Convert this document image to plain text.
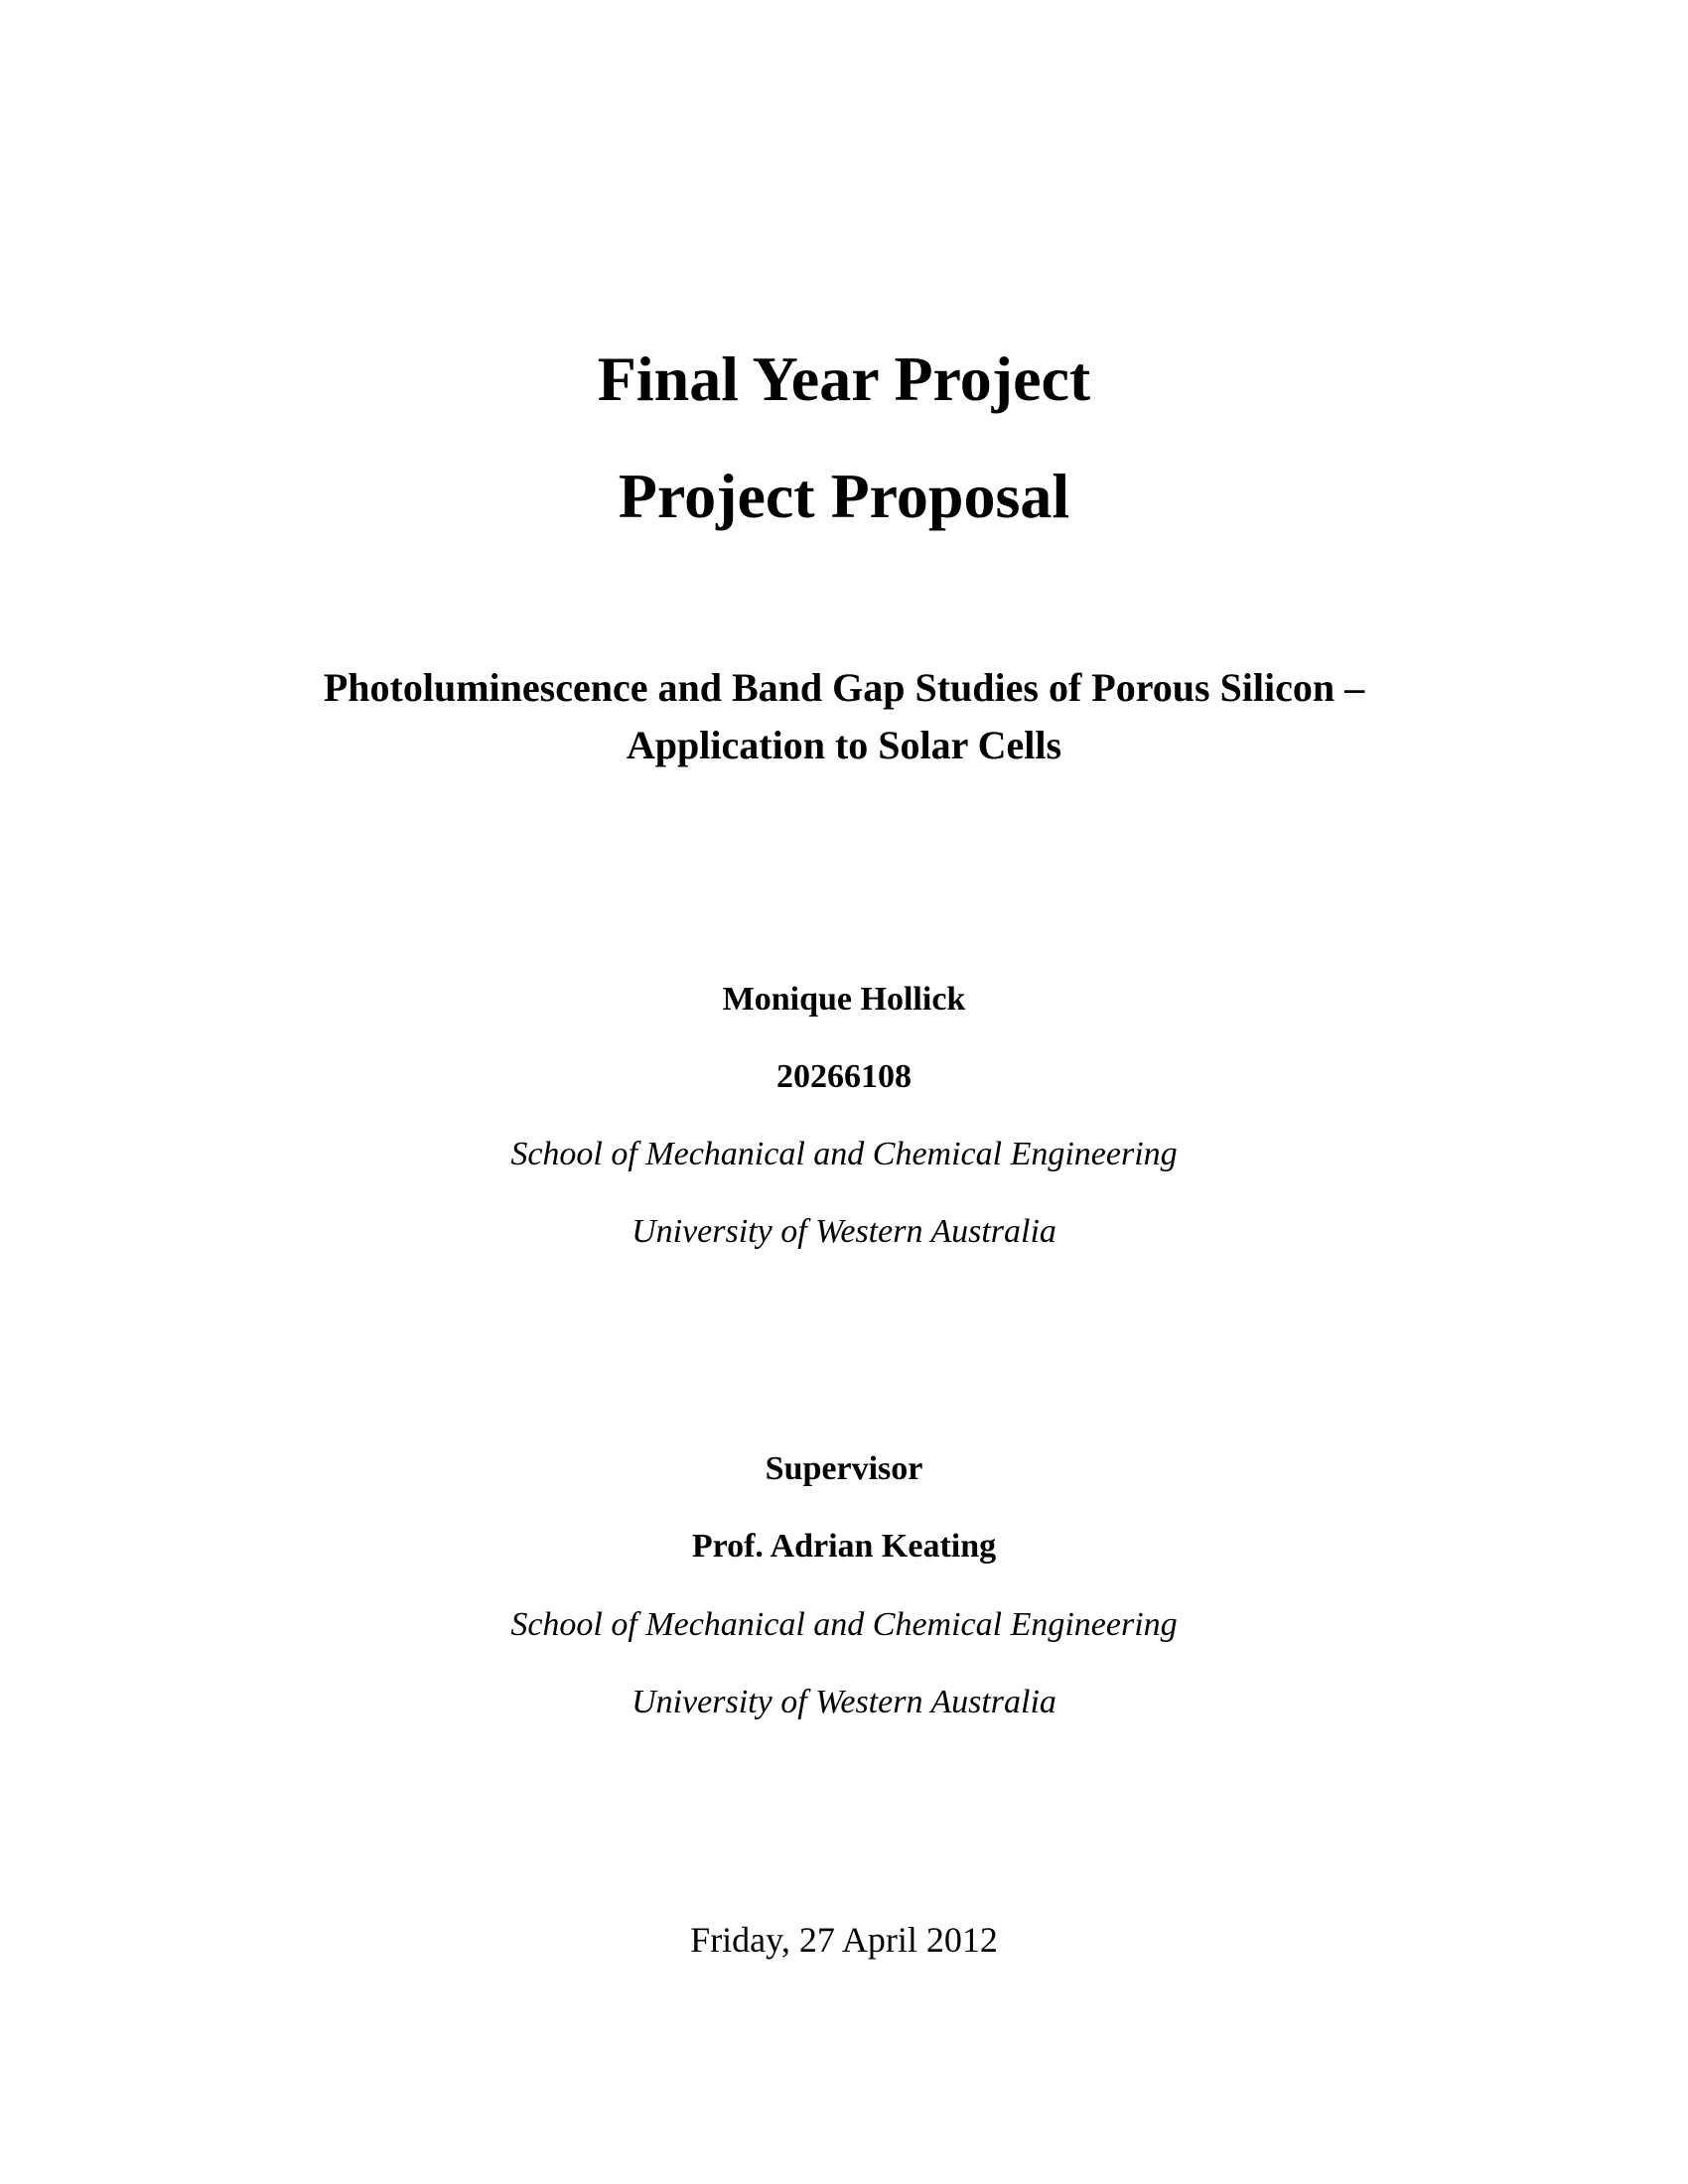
Final Year Project
Project Proposal
Photoluminescence and Band Gap Studies of Porous Silicon –
Application to Solar Cells
Monique Hollick
20266108
School of Mechanical and Chemical Engineering
University of Western Australia
Supervisor
Prof. Adrian Keating
School of Mechanical and Chemical Engineering
University of Western Australia
Friday, 27 April 2012
